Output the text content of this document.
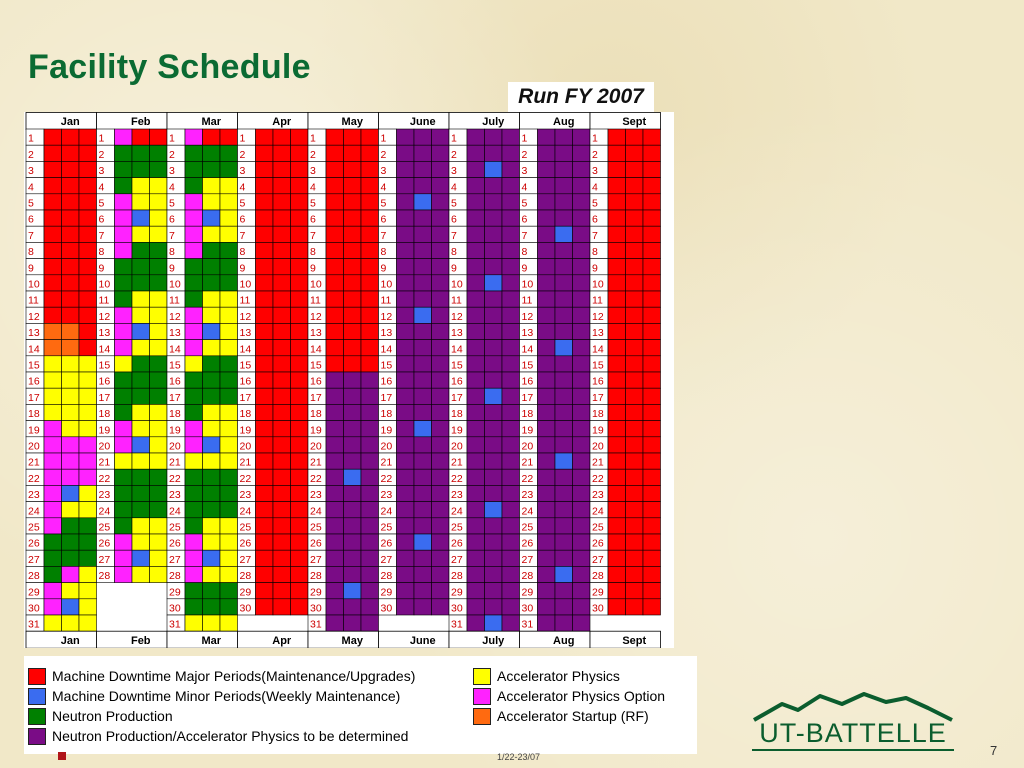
Facility Schedule
Run FY 2007
Jan
1
2
3
4
5
6
7
8
9
10
11
12
13
14
15
16
17
18
19
20
21
22
23
24
25
26
27
28
29
30
31
Jan
Feb
1
2
3
4
5
6
7
8
9
10
11
12
13
14
15
16
17
18
19
20
21
22
23
24
25
26
27
28
Feb
Mar
1
2
3
4
5
6
7
8
9
10
11
12
13
14
15
16
17
18
19
20
21
22
23
24
25
26
27
28
29
30
31
Mar
Apr
1
2
3
4
5
6
7
8
9
10
11
12
13
14
15
16
17
18
19
20
21
22
23
24
25
26
27
28
29
30
Apr
May
1
2
3
4
5
6
7
8
9
10
11
12
13
14
15
16
17
18
19
20
21
22
23
24
25
26
27
28
29
30
31
May
June
1
2
3
4
5
6
7
8
9
10
11
12
13
14
15
16
17
18
19
20
21
22
23
24
25
26
27
28
29
30
June
July
1
2
3
4
5
6
7
8
9
10
11
12
13
14
15
16
17
18
19
20
21
22
23
24
25
26
27
28
29
30
31
July
Aug
1
2
3
4
5
6
7
8
9
10
11
12
13
14
15
16
17
18
19
20
21
22
23
24
25
26
27
28
29
30
31
Aug
Sept
1
2
3
4
5
6
7
8
9
10
11
12
13
14
15
16
17
18
19
20
21
22
23
24
25
26
27
28
29
30
Sept
Machine Downtime Major Periods(Maintenance/Upgrades)
Machine Downtime Minor Periods(Weekly Maintenance)
Neutron Production
Neutron Production/Accelerator Physics to be determined
Accelerator Physics
Accelerator Physics Option
Accelerator Startup (RF)
UT-BATTELLE
1/22-23/07	7
